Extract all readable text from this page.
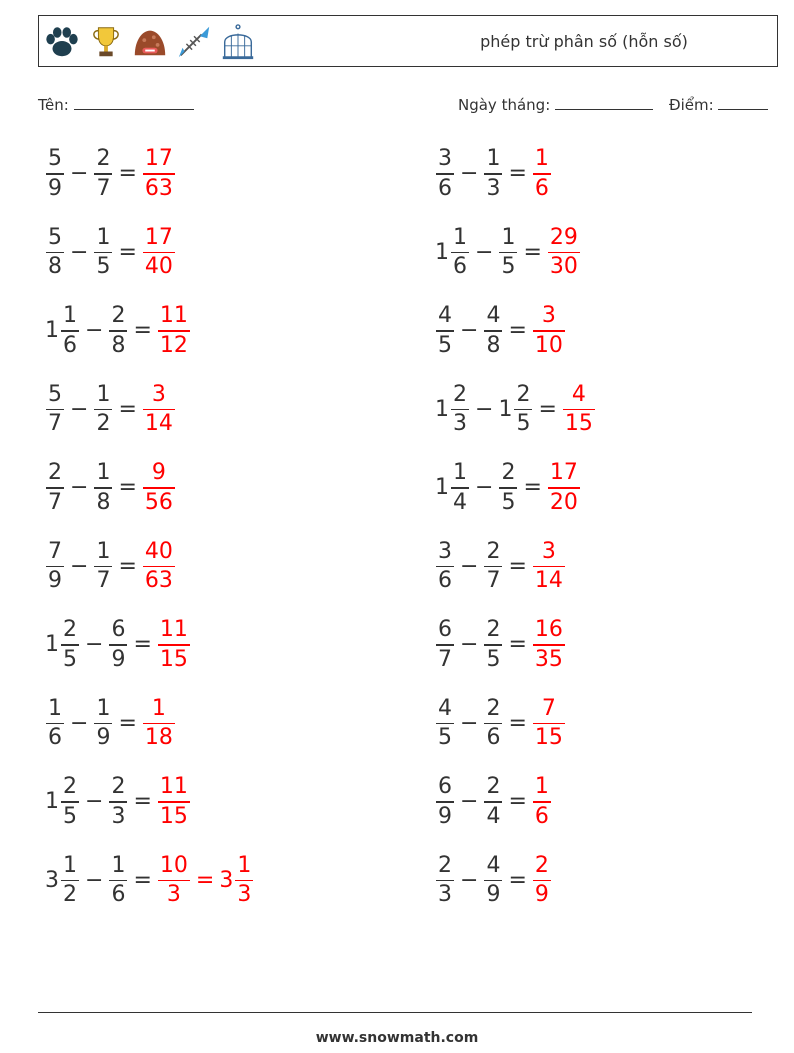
phép trừ phân số (hỗn số)
Tên:	Ngày tháng:	Điểm:
$\frac{5}{9} - \frac{2}{7} = \frac{17}{63}$
$\frac{5}{8} - \frac{1}{5} = \frac{17}{40}$
$1 \frac{1}{6} - \frac{2}{8} = \frac{11}{12}$
$\frac{5}{7} - \frac{1}{2} = \frac{3}{14}$
$\frac{2}{7} - \frac{1}{8} = \frac{9}{56}$
$\frac{7}{9} - \frac{1}{7} = \frac{40}{63}$
$1 \frac{2}{5} - \frac{6}{9} = \frac{11}{15}$
$\frac{1}{6} - \frac{1}{9} = \frac{1}{18}$
$1 \frac{2}{5} - \frac{2}{3} = \frac{11}{15}$
$3 \frac{1}{2} - \frac{1}{6} = \frac{10}{3} = 3 \frac{1}{3}$
$\frac{3}{6} - \frac{1}{3} = \frac{1}{6}$
$1 \frac{1}{6} - \frac{1}{5} = \frac{29}{30}$
$\frac{4}{5} - \frac{4}{8} = \frac{3}{10}$
$1 \frac{2}{3} - 1 \frac{2}{5} = \frac{4}{15}$
$1 \frac{1}{4} - \frac{2}{5} = \frac{17}{20}$
$\frac{3}{6} - \frac{2}{7} = \frac{3}{14}$
$\frac{6}{7} - \frac{2}{5} = \frac{16}{35}$
$\frac{4}{5} - \frac{2}{6} = \frac{7}{15}$
$\frac{6}{9} - \frac{2}{4} = \frac{1}{6}$
$\frac{2}{3} - \frac{4}{9} = \frac{2}{9}$
www.snowmath.com
